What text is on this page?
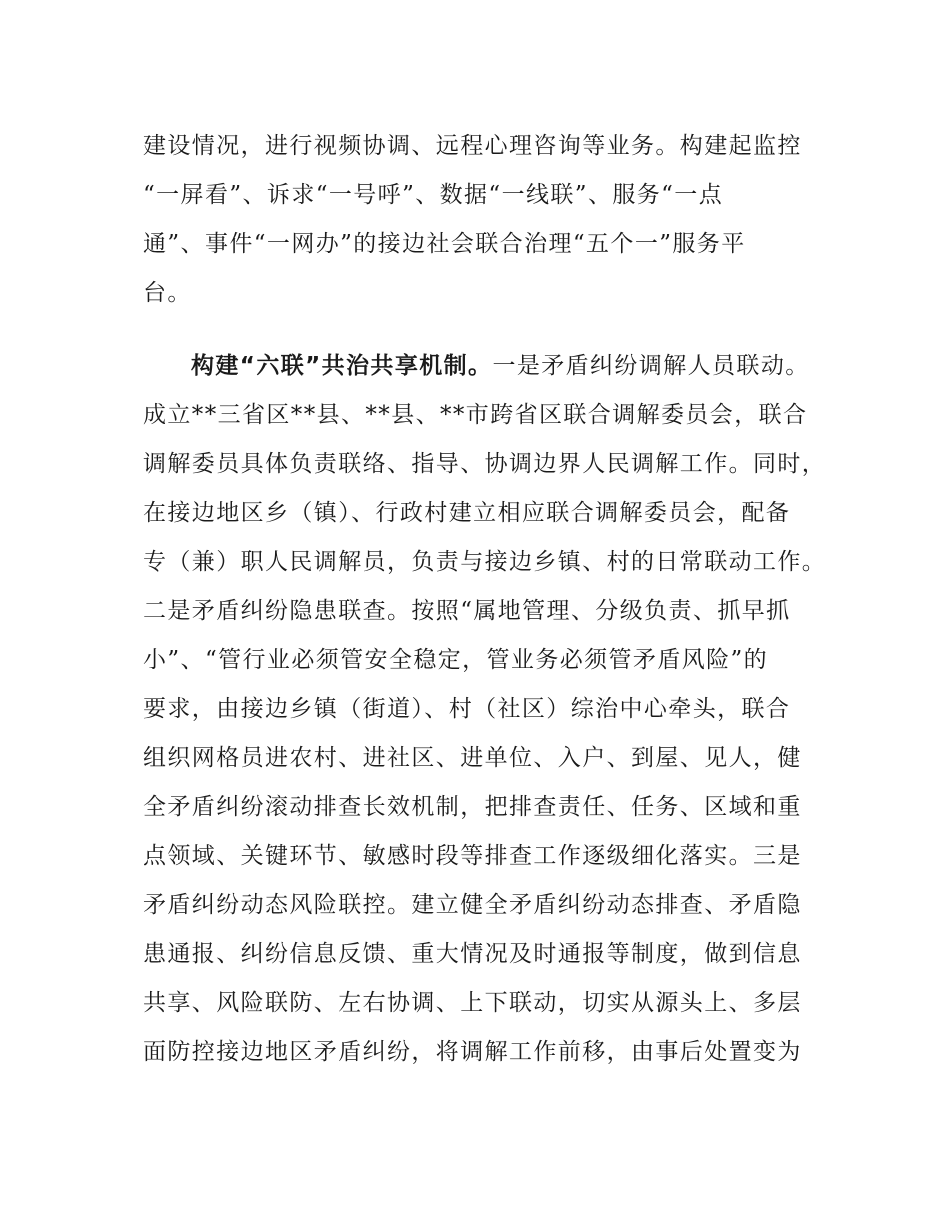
建设情况，进行视频协调、远程心理咨询等业务。构建起监控
“一屏看”、诉求“一号呼”、数据“一线联”、服务“一点
通”、事件“一网办”的接边社会联合治理“五个一”服务平
台。
构建“六联”共治共享机制。一是矛盾纠纷调解人员联动。
成立**三省区**县、**县、**市跨省区联合调解委员会，联合
调解委员具体负责联络、指导、协调边界人民调解工作。同时，
在接边地区乡（镇）、行政村建立相应联合调解委员会，配备
专（兼）职人民调解员，负责与接边乡镇、村的日常联动工作。
二是矛盾纠纷隐患联查。按照“属地管理、分级负责、抓早抓
小”、“管行业必须管安全稳定，管业务必须管矛盾风险”的
要求，由接边乡镇（街道）、村（社区）综治中心牵头，联合
组织网格员进农村、进社区、进单位、入户、到屋、见人，健
全矛盾纠纷滚动排查长效机制，把排查责任、任务、区域和重
点领域、关键环节、敏感时段等排查工作逐级细化落实。三是
矛盾纠纷动态风险联控。建立健全矛盾纠纷动态排查、矛盾隐
患通报、纠纷信息反馈、重大情况及时通报等制度，做到信息
共享、风险联防、左右协调、上下联动，切实从源头上、多层
面防控接边地区矛盾纠纷，将调解工作前移，由事后处置变为
